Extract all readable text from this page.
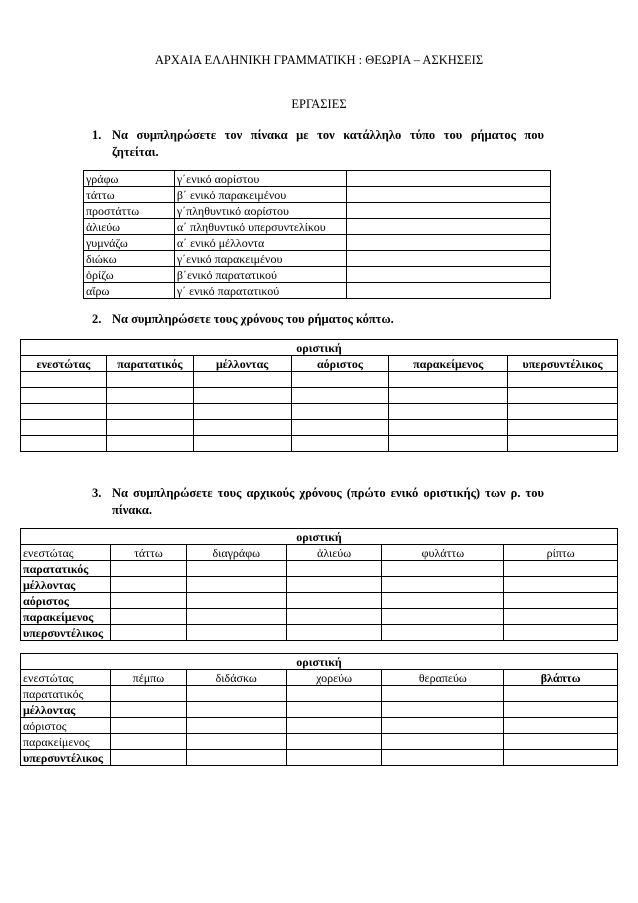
ΑΡΧΑΙΑ ΕΛΛΗΝΙΚΗ ΓΡΑΜΜΑΤΙΚΗ : ΘΕΩΡΙΑ – ΑΣΚΗΣΕΙΣ
ΕΡΓΑΣΙΕΣ
1. Να συμπληρώσετε τον πίνακα με τον κατάλληλο τύπο του ρήματος που
ζητείται.
γράφω	γ΄ενικό αορίστου	
τάττω	β΄ ενικό παρακειμένου	
προστάττω	γ΄πληθυντικό αορίστου	
ἁλιεύω	α΄ πληθυντικό υπερσυντελίκου	
γυμνάζω	α΄ ενικό μέλλοντα	
διώκω	γ΄ενικό παρακειμένου	
ὁρίζω	β΄ενικό παρατατικού	
αἴρω	γ΄ ενικό παρατατικού	
2. Να συμπληρώσετε τους χρόνους του ρήματος κόπτω.
οριστική					
ενεστώτας	παρατατικός	μέλλοντας	αόριστος	παρακείμενος	υπερσυντέλικος

3. Να συμπληρώσετε τους αρχικούς χρόνους (πρώτο ενικό οριστικής) των ρ. του
πίνακα.
οριστική					
ενεστώτας	τάττω	διαγράφω	ἁλιεύω	φυλάττω	ρίπτω
παρατατικός					
μέλλοντας					
αόριστος					
παρακείμενος					
υπερσυντέλικος					
οριστική					
ενεστώτας	πέμπω	διδάσκω	χορεύω	θεραπεύω	βλάπτω
παρατατικός					
μέλλοντας					
αόριστος					
παρακείμενος					
υπερσυντέλικος					
